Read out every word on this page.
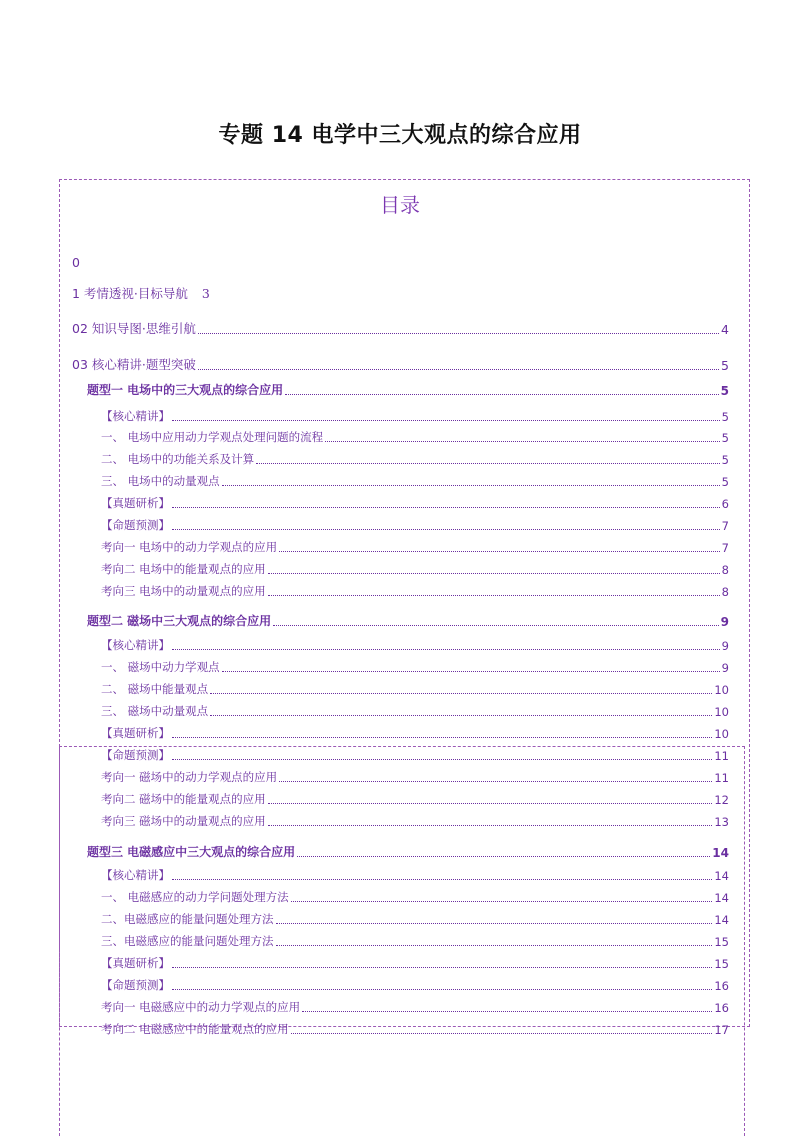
专题 14 电学中三大观点的综合应用
目录
0
1 考情透视·目标导航 3
02 知识导图·思维引航	4
03 核心精讲·题型突破	5
题型一 电场中的三大观点的综合应用	5
【核心精讲】	5
一、 电场中应用动力学观点处理问题的流程	5
二、 电场中的功能关系及计算	5
三、 电场中的动量观点	5
【真题研析】	6
【命题预测】	7
考向一 电场中的动力学观点的应用	7
考向二 电场中的能量观点的应用	8
考向三 电场中的动量观点的应用	8
题型二 磁场中三大观点的综合应用	9
【核心精讲】	9
一、 磁场中动力学观点	9
二、 磁场中能量观点	10
三、 磁场中动量观点	10
【真题研析】	10
【命题预测】	11
考向一 磁场中的动力学观点的应用	11
考向二 磁场中的能量观点的应用	12
考向三 磁场中的动量观点的应用	13
题型三 电磁感应中三大观点的综合应用	14
【核心精讲】	14
一、 电磁感应的动力学问题处理方法	14
二、电磁感应的能量问题处理方法	14
三、电磁感应的能量问题处理方法	15
【真题研析】	15
【命题预测】	16
考向一 电磁感应中的动力学观点的应用	16
考向二 电磁感应中的能量观点的应用	17
